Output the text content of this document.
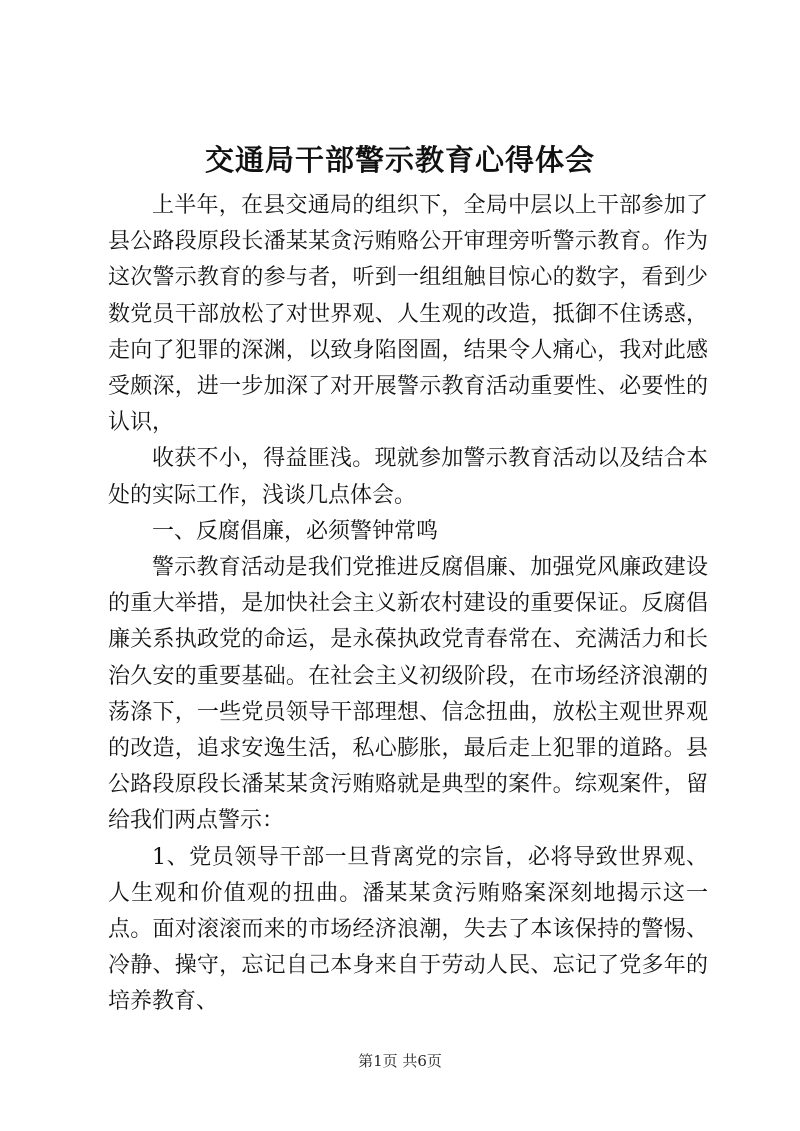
交通局干部警示教育心得体会

上半年，在县交通局的组织下，全局中层以上干部参加了县公路段原段长潘某某贪污贿赂公开审理旁听警示教育。作为这次警示教育的参与者，听到一组组触目惊心的数字，看到少数党员干部放松了对世界观、人生观的改造，抵御不住诱惑，走向了犯罪的深渊，以致身陷囹圄，结果令人痛心，我对此感受颇深，进一步加深了对开展警示教育活动重要性、必要性的认识，

收获不小，得益匪浅。现就参加警示教育活动以及结合本处的实际工作，浅谈几点体会。

一、反腐倡廉，必须警钟常鸣

警示教育活动是我们党推进反腐倡廉、加强党风廉政建设的重大举措，是加快社会主义新农村建设的重要保证。反腐倡廉关系执政党的命运，是永葆执政党青春常在、充满活力和长治久安的重要基础。在社会主义初级阶段，在市场经济浪潮的荡涤下，一些党员领导干部理想、信念扭曲，放松主观世界观的改造，追求安逸生活，私心膨胀，最后走上犯罪的道路。县公路段原段长潘某某贪污贿赂就是典型的案件。综观案件，留给我们两点警示：

1、党员领导干部一旦背离党的宗旨，必将导致世界观、人生观和价值观的扭曲。潘某某贪污贿赂案深刻地揭示这一点。面对滚滚而来的市场经济浪潮，失去了本该保持的警惕、冷静、操守，忘记自己本身来自于劳动人民、忘记了党多年的培养教育、

第1页 共6页
